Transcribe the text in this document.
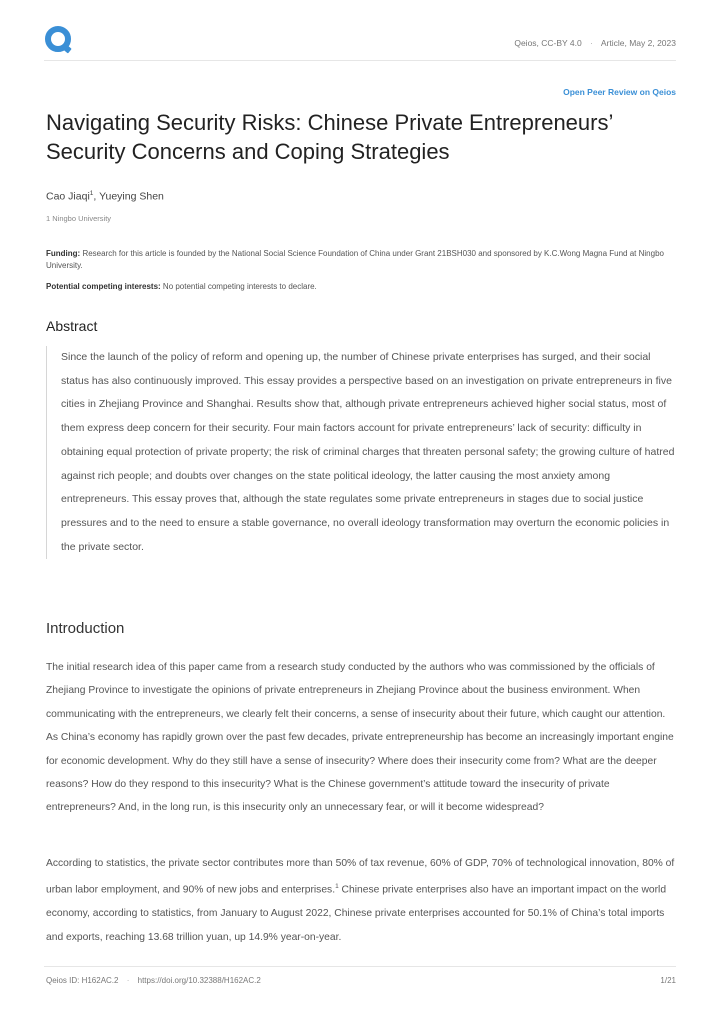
Qeios, CC-BY 4.0 · Article, May 2, 2023
Open Peer Review on Qeios
Navigating Security Risks: Chinese Private Entrepreneurs’ Security Concerns and Coping Strategies
Cao Jiaqi$^1$, Yueying Shen
1 Ningbo University
Funding: Research for this article is founded by the National Social Science Foundation of China under Grant 21BSH030 and sponsored by K.C.Wong Magna Fund at Ningbo University.
Potential competing interests: No potential competing interests to declare.
Abstract

Since the launch of the policy of reform and opening up, the number of Chinese private enterprises has surged, and their social status has also continuously improved. This essay provides a perspective based on an investigation on private entrepreneurs in five cities in Zhejiang Province and Shanghai. Results show that, although private entrepreneurs achieved higher social status, most of them express deep concern for their security. Four main factors account for private entrepreneurs’ lack of security: difficulty in obtaining equal protection of private property; the risk of criminal charges that threaten personal safety; the growing culture of hatred against rich people; and doubts over changes on the state political ideology, the latter causing the most anxiety among entrepreneurs. This essay proves that, although the state regulates some private entrepreneurs in stages due to social justice pressures and to the need to ensure a stable governance, no overall ideology transformation may overturn the economic policies in the private sector.

Introduction

The initial research idea of this paper came from a research study conducted by the authors who was commissioned by the officials of Zhejiang Province to investigate the opinions of private entrepreneurs in Zhejiang Province about the business environment. When communicating with the entrepreneurs, we clearly felt their concerns, a sense of insecurity about their future, which caught our attention. As China’s economy has rapidly grown over the past few decades, private entrepreneurship has become an increasingly important engine for economic development. Why do they still have a sense of insecurity? Where does their insecurity come from? What are the deeper reasons? How do they respond to this insecurity? What is the Chinese government’s attitude toward the insecurity of private entrepreneurs? And, in the long run, is this insecurity only an unnecessary fear, or will it become widespread?

According to statistics, the private sector contributes more than 50% of tax revenue, 60% of GDP, 70% of technological innovation, 80% of urban labor employment, and 90% of new jobs and enterprises.$^1$ Chinese private enterprises also have an important impact on the world economy, according to statistics, from January to August 2022, Chinese private enterprises accounted for 50.1% of China’s total imports and exports, reaching 13.68 trillion yuan, up 14.9% year-on-year.

Qeios ID: H162AC.2 · https://doi.org/10.32388/H162AC.2	1/21
